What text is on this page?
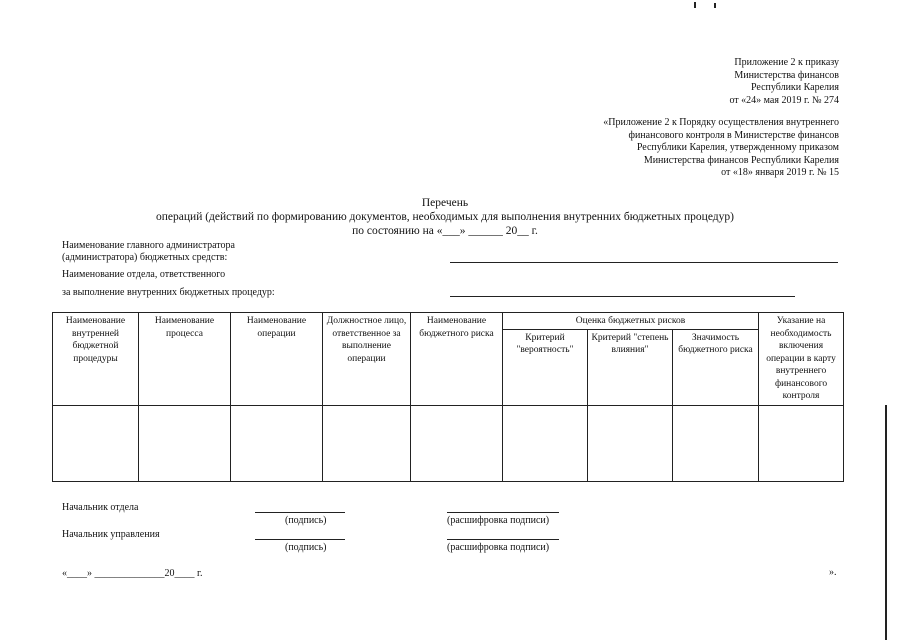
Приложение 2 к приказу
Министерства финансов
Республики Карелия
от «24» мая 2019 г. № 274
«Приложение 2 к Порядку осуществления внутреннего
финансового контроля в Министерстве финансов
Республики Карелия, утвержденному приказом
Министерства финансов Республики Карелия
от «18» января 2019 г. № 15
Перечень
операций (действий по формированию документов, необходимых для выполнения внутренних бюджетных процедур)
по состоянию на «___» ______ 20__ г.
Наименование главного администратора
(администратора) бюджетных средств:
Наименование отдела, ответственного
за выполнение внутренних бюджетных процедур:
Наименование внутренней бюджетной процедуры	Наименование процесса	Наименование операции	Должностное лицо, ответственное за выполнение операции	Наименование бюджетного риска	Оценка бюджетных рисков			Указание на необходимость включения операции в карту внутреннего финансового контроля
					Критерий "вероятность"	Критерий "степень влияния"	Значимость бюджетного риска	

Начальник отдела
(подпись)	(расшифровка подписи)
Начальник управления
(подпись)	(расшифровка подписи)
«____» ______________20____ г.	».
